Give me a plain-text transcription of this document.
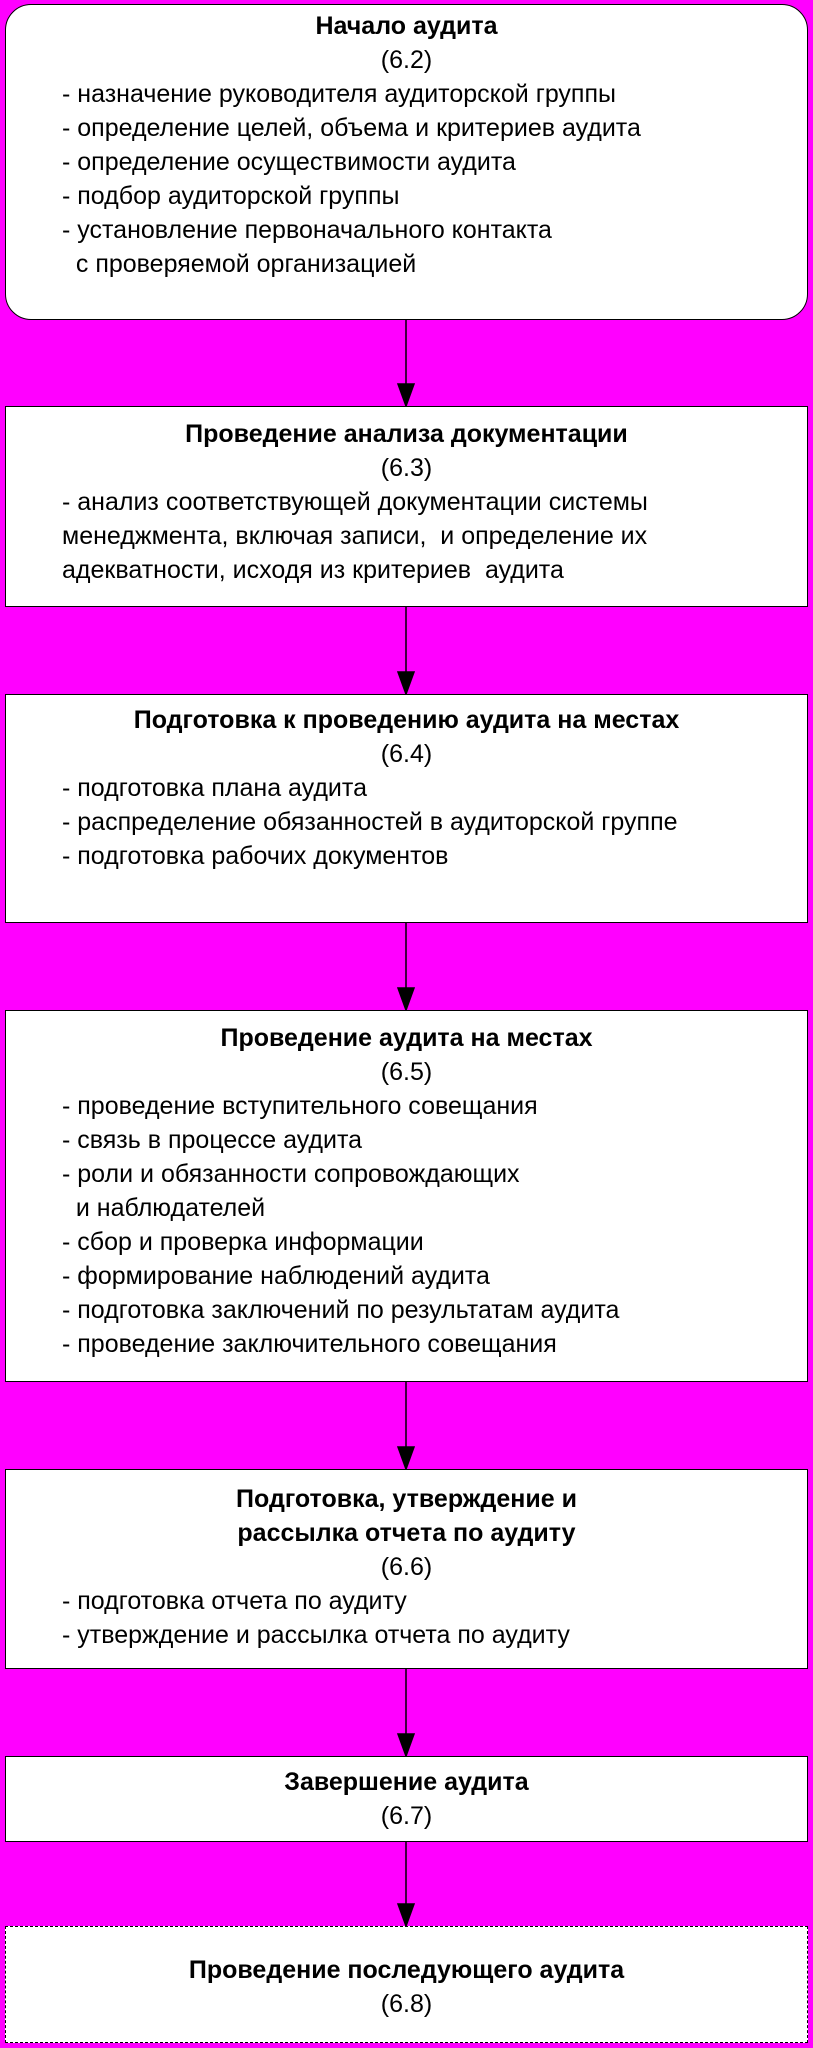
Начало аудита
(6.2)
- назначение руководителя аудиторской группы
- определение целей, объема и критериев аудита
- определение осуществимости аудита
- подбор аудиторской группы
- установление первоначального контакта
с проверяемой организацией
Проведение анализа документации
(6.3)
- анализ соответствующей документации системы
менеджмента, включая записи,  и определение их
адекватности, исходя из критериев  аудита
Подготовка к проведению аудита на местах
(6.4)
- подготовка плана аудита
- распределение обязанностей в аудиторской группе
- подготовка рабочих документов
Проведение аудита на местах
(6.5)
- проведение вступительного совещания
- связь в процессе аудита
- роли и обязанности сопровождающих
и наблюдателей
- сбор и проверка информации
- формирование наблюдений аудита
- подготовка заключений по результатам аудита
- проведение заключительного совещания
Подготовка, утверждение и
рассылка отчета по аудиту
(6.6)
- подготовка отчета по аудиту
- утверждение и рассылка отчета по аудиту
Завершение аудита
(6.7)
Проведение последующего аудита
(6.8)
